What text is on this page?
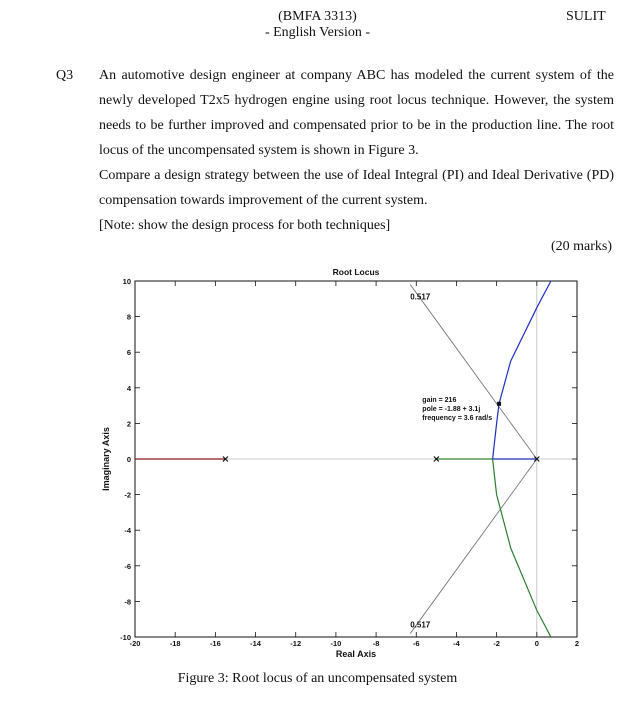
(BMFA 3313)
- English Version -
SULIT
Q3 An automotive design engineer at company ABC has modeled the current system of the newly developed T2x5 hydrogen engine using root locus technique. However, the system needs to be further improved and compensated prior to be in the production line. The root locus of the uncompensated system is shown in Figure 3.
Compare a design strategy between the use of Ideal Integral (PI) and Ideal Derivative (PD) compensation towards improvement of the current system.
[Note: show the design process for both techniques]
(20 marks)
Root Locus
-20	-18	-16	-14	-12	-10	-8	-6	-4	-2	0	2
-10
-8
-6
-4
-2
0
2
4
6
8
10
0.517
0.517
gain = 216
pole = -1.88 + 3.1j
frequency = 3.6 rad/s
Real Axis
Imaginary Axis
Figure 3: Root locus of an uncompensated system
